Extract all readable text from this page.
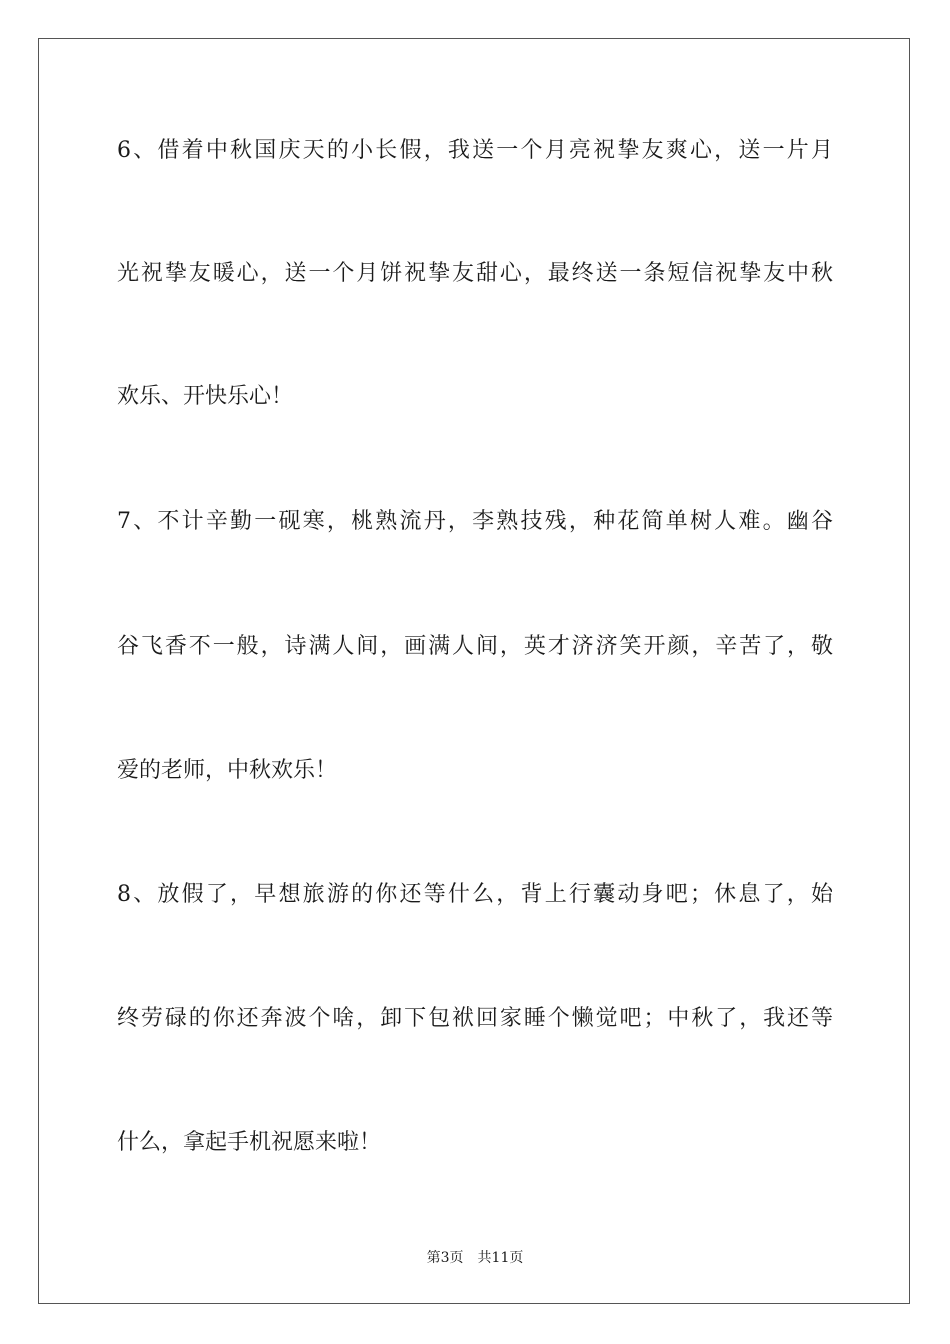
6、借着中秋国庆天的小长假，我送一个月亮祝挚友爽心，送一片月
光祝挚友暖心，送一个月饼祝挚友甜心，最终送一条短信祝挚友中秋
欢乐、开快乐心！
7、不计辛勤一砚寒，桃熟流丹，李熟技残，种花简单树人难。幽谷
谷飞香不一般，诗满人间，画满人间，英才济济笑开颜，辛苦了，敬
爱的老师，中秋欢乐！
8、放假了，早想旅游的你还等什么，背上行囊动身吧；休息了，始
终劳碌的你还奔波个啥，卸下包袱回家睡个懒觉吧；中秋了，我还等
什么，拿起手机祝愿来啦！
第3页 共11页
